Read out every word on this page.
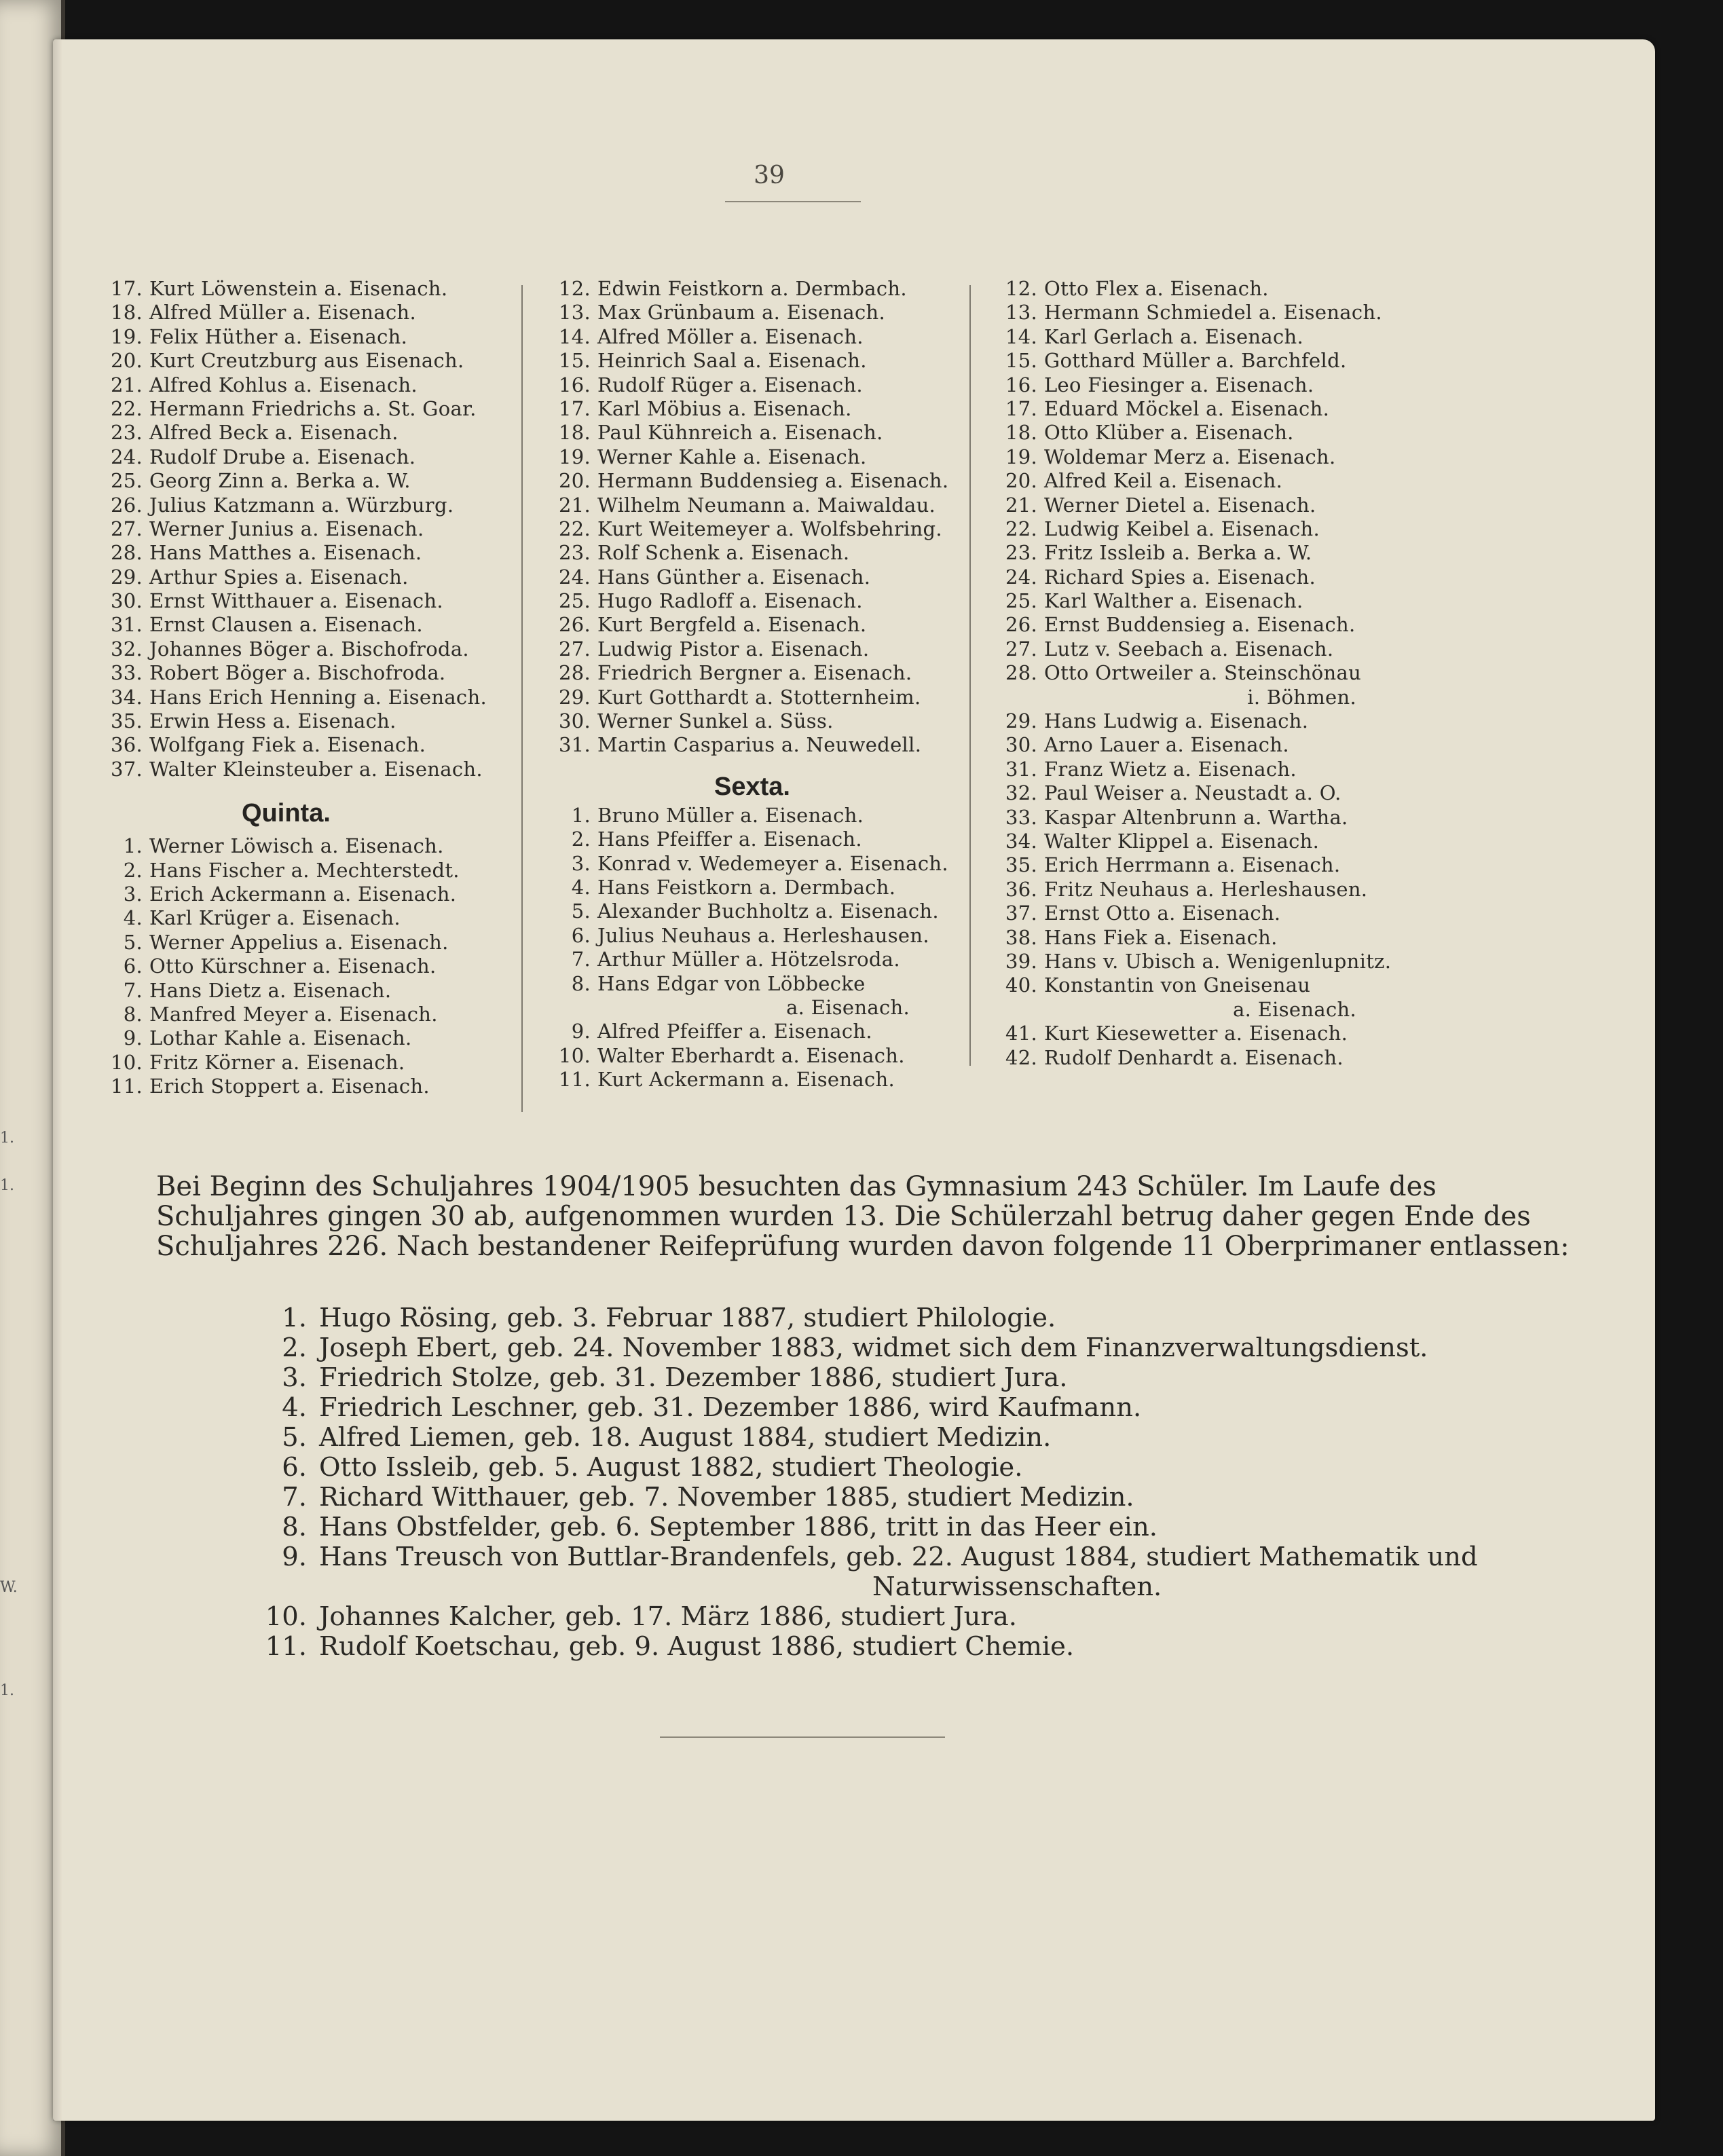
1.
1.
W.
1.
39
17. Kurt Löwenstein a. Eisenach.
18. Alfred Müller a. Eisenach.
19. Felix Hüther a. Eisenach.
20. Kurt Creutzburg aus Eisenach.
21. Alfred Kohlus a. Eisenach.
22. Hermann Friedrichs a. St. Goar.
23. Alfred Beck a. Eisenach.
24. Rudolf Drube a. Eisenach.
25. Georg Zinn a. Berka a. W.
26. Julius Katzmann a. Würzburg.
27. Werner Junius a. Eisenach.
28. Hans Matthes a. Eisenach.
29. Arthur Spies a. Eisenach.
30. Ernst Witthauer a. Eisenach.
31. Ernst Clausen a. Eisenach.
32. Johannes Böger a. Bischofroda.
33. Robert Böger a. Bischofroda.
34. Hans Erich Henning a. Eisenach.
35. Erwin Hess a. Eisenach.
36. Wolfgang Fiek a. Eisenach.
37. Walter Kleinsteuber a. Eisenach.
Quinta.
1. Werner Löwisch a. Eisenach.
2. Hans Fischer a. Mechterstedt.
3. Erich Ackermann a. Eisenach.
4. Karl Krüger a. Eisenach.
5. Werner Appelius a. Eisenach.
6. Otto Kürschner a. Eisenach.
7. Hans Dietz a. Eisenach.
8. Manfred Meyer a. Eisenach.
9. Lothar Kahle a. Eisenach.
10. Fritz Körner a. Eisenach.
11. Erich Stoppert a. Eisenach.
12. Edwin Feistkorn a. Dermbach.
13. Max Grünbaum a. Eisenach.
14. Alfred Möller a. Eisenach.
15. Heinrich Saal a. Eisenach.
16. Rudolf Rüger a. Eisenach.
17. Karl Möbius a. Eisenach.
18. Paul Kühnreich a. Eisenach.
19. Werner Kahle a. Eisenach.
20. Hermann Buddensieg a. Eisenach.
21. Wilhelm Neumann a. Maiwaldau.
22. Kurt Weitemeyer a. Wolfsbehring.
23. Rolf Schenk a. Eisenach.
24. Hans Günther a. Eisenach.
25. Hugo Radloff a. Eisenach.
26. Kurt Bergfeld a. Eisenach.
27. Ludwig Pistor a. Eisenach.
28. Friedrich Bergner a. Eisenach.
29. Kurt Gotthardt a. Stotternheim.
30. Werner Sunkel a. Süss.
31. Martin Casparius a. Neuwedell.
Sexta.
1. Bruno Müller a. Eisenach.
2. Hans Pfeiffer a. Eisenach.
3. Konrad v. Wedemeyer a. Eisenach.
4. Hans Feistkorn a. Dermbach.
5. Alexander Buchholtz a. Eisenach.
6. Julius Neuhaus a. Herleshausen.
7. Arthur Müller a. Hötzelsroda.
8. Hans Edgar von Löbbecke
a. Eisenach.
9. Alfred Pfeiffer a. Eisenach.
10. Walter Eberhardt a. Eisenach.
11. Kurt Ackermann a. Eisenach.
12. Otto Flex a. Eisenach.
13. Hermann Schmiedel a. Eisenach.
14. Karl Gerlach a. Eisenach.
15. Gotthard Müller a. Barchfeld.
16. Leo Fiesinger a. Eisenach.
17. Eduard Möckel a. Eisenach.
18. Otto Klüber a. Eisenach.
19. Woldemar Merz a. Eisenach.
20. Alfred Keil a. Eisenach.
21. Werner Dietel a. Eisenach.
22. Ludwig Keibel a. Eisenach.
23. Fritz Issleib a. Berka a. W.
24. Richard Spies a. Eisenach.
25. Karl Walther a. Eisenach.
26. Ernst Buddensieg a. Eisenach.
27. Lutz v. Seebach a. Eisenach.
28. Otto Ortweiler a. Steinschönau
i. Böhmen.
29. Hans Ludwig a. Eisenach.
30. Arno Lauer a. Eisenach.
31. Franz Wietz a. Eisenach.
32. Paul Weiser a. Neustadt a. O.
33. Kaspar Altenbrunn a. Wartha.
34. Walter Klippel a. Eisenach.
35. Erich Herrmann a. Eisenach.
36. Fritz Neuhaus a. Herleshausen.
37. Ernst Otto a. Eisenach.
38. Hans Fiek a. Eisenach.
39. Hans v. Ubisch a. Wenigenlupnitz.
40. Konstantin von Gneisenau
a. Eisenach.
41. Kurt Kiesewetter a. Eisenach.
42. Rudolf Denhardt a. Eisenach.
Bei Beginn des Schuljahres 1904/1905 besuchten das Gymnasium 243 Schüler. Im Laufe des
Schuljahres gingen 30 ab, aufgenommen wurden 13. Die Schülerzahl betrug daher gegen Ende des
Schuljahres 226. Nach bestandener Reifeprüfung wurden davon folgende 11 Oberprimaner entlassen:
1. Hugo Rösing, geb. 3. Februar 1887, studiert Philologie.
2. Joseph Ebert, geb. 24. November 1883, widmet sich dem Finanzverwaltungsdienst.
3. Friedrich Stolze, geb. 31. Dezember 1886, studiert Jura.
4. Friedrich Leschner, geb. 31. Dezember 1886, wird Kaufmann.
5. Alfred Liemen, geb. 18. August 1884, studiert Medizin.
6. Otto Issleib, geb. 5. August 1882, studiert Theologie.
7. Richard Witthauer, geb. 7. November 1885, studiert Medizin.
8. Hans Obstfelder, geb. 6. September 1886, tritt in das Heer ein.
9. Hans Treusch von Buttlar-Brandenfels, geb. 22. August 1884, studiert Mathematik und
Naturwissenschaften.
10. Johannes Kalcher, geb. 17. März 1886, studiert Jura.
11. Rudolf Koetschau, geb. 9. August 1886, studiert Chemie.
